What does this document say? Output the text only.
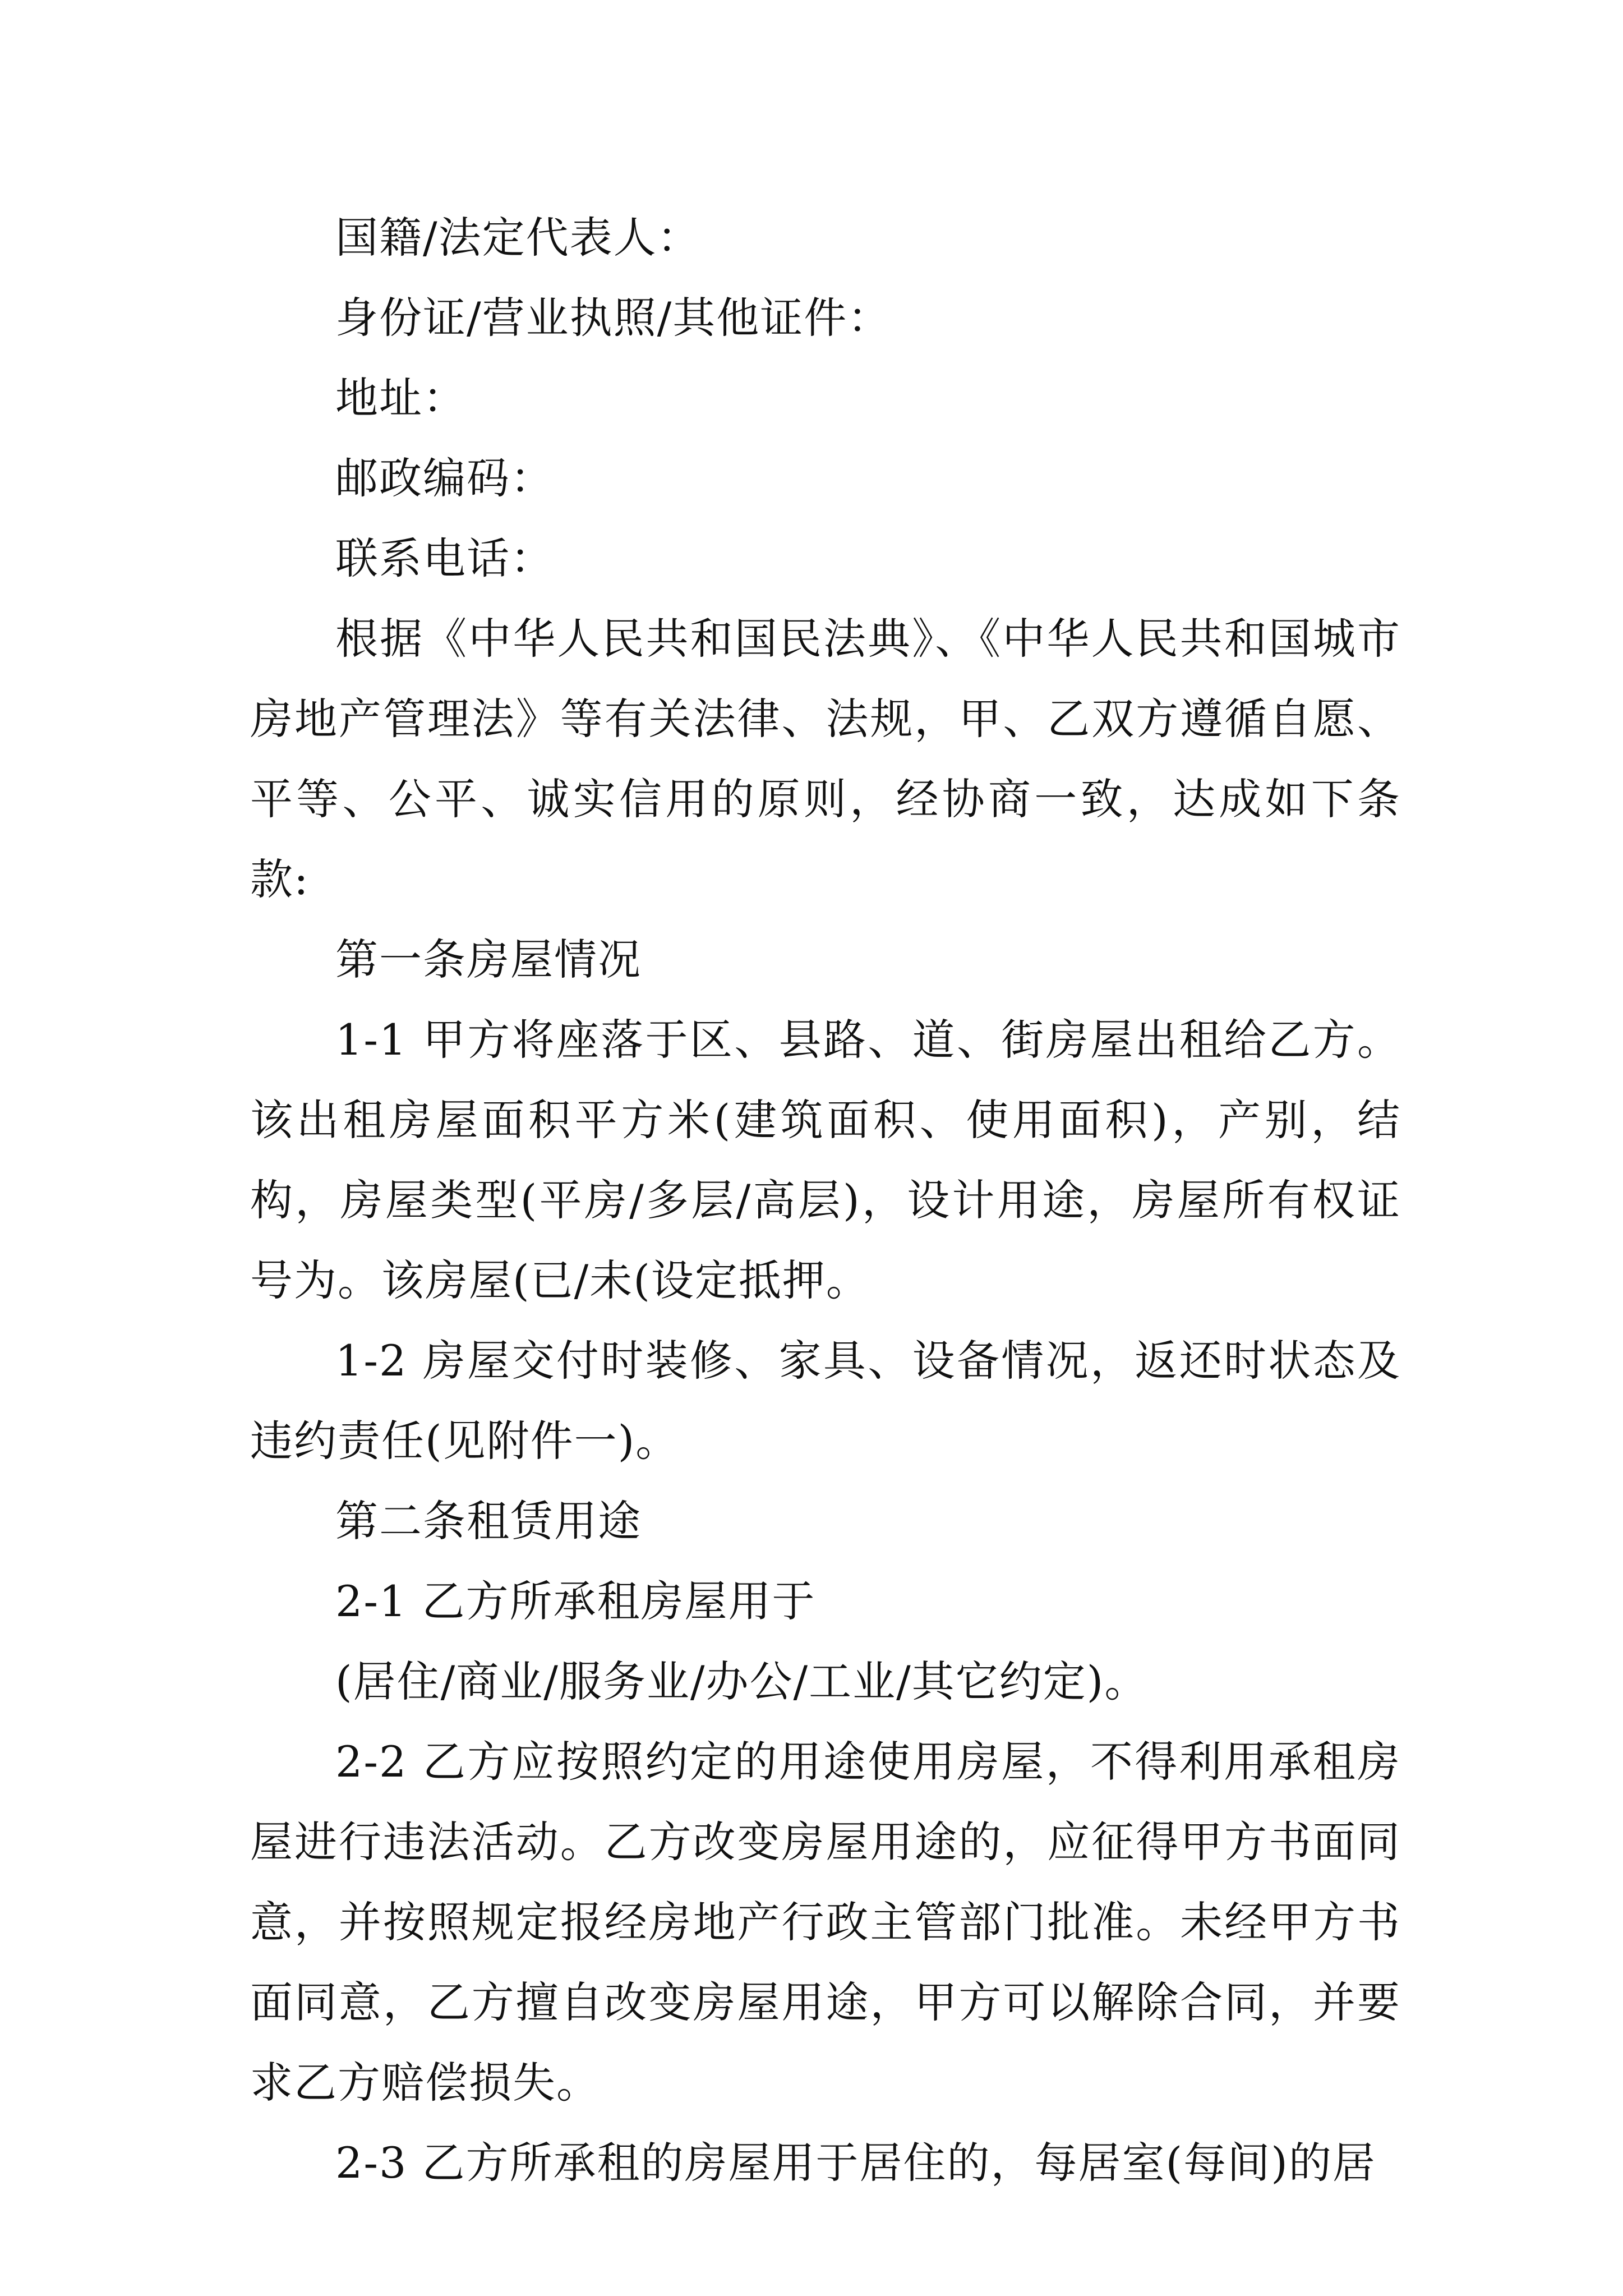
国籍/法定代表人：

身份证/营业执照/其他证件：

地址：

邮政编码：

联系电话：

根据《中华人民共和国民法典》、《中华人民共和国城市房地产管理法》等有关法律、法规，甲、乙双方遵循自愿、平等、公平、诚实信用的原则，经协商一致，达成如下条款:

第一条房屋情况

1-1 甲方将座落于区、县路、道、街房屋出租给乙方。该出租房屋面积平方米(建筑面积、使用面积)，产别，结构，房屋类型(平房/多层/高层)，设计用途，房屋所有权证号为。该房屋(已/未(设定抵押。

1-2 房屋交付时装修、家具、设备情况，返还时状态及违约责任(见附件一)。

第二条租赁用途

2-1 乙方所承租房屋用于

(居住/商业/服务业/办公/工业/其它约定)。

2-2 乙方应按照约定的用途使用房屋，不得利用承租房屋进行违法活动。乙方改变房屋用途的，应征得甲方书面同意，并按照规定报经房地产行政主管部门批准。未经甲方书面同意，乙方擅自改变房屋用途，甲方可以解除合同，并要求乙方赔偿损失。

2-3 乙方所承租的房屋用于居住的，每居室(每间)的居
